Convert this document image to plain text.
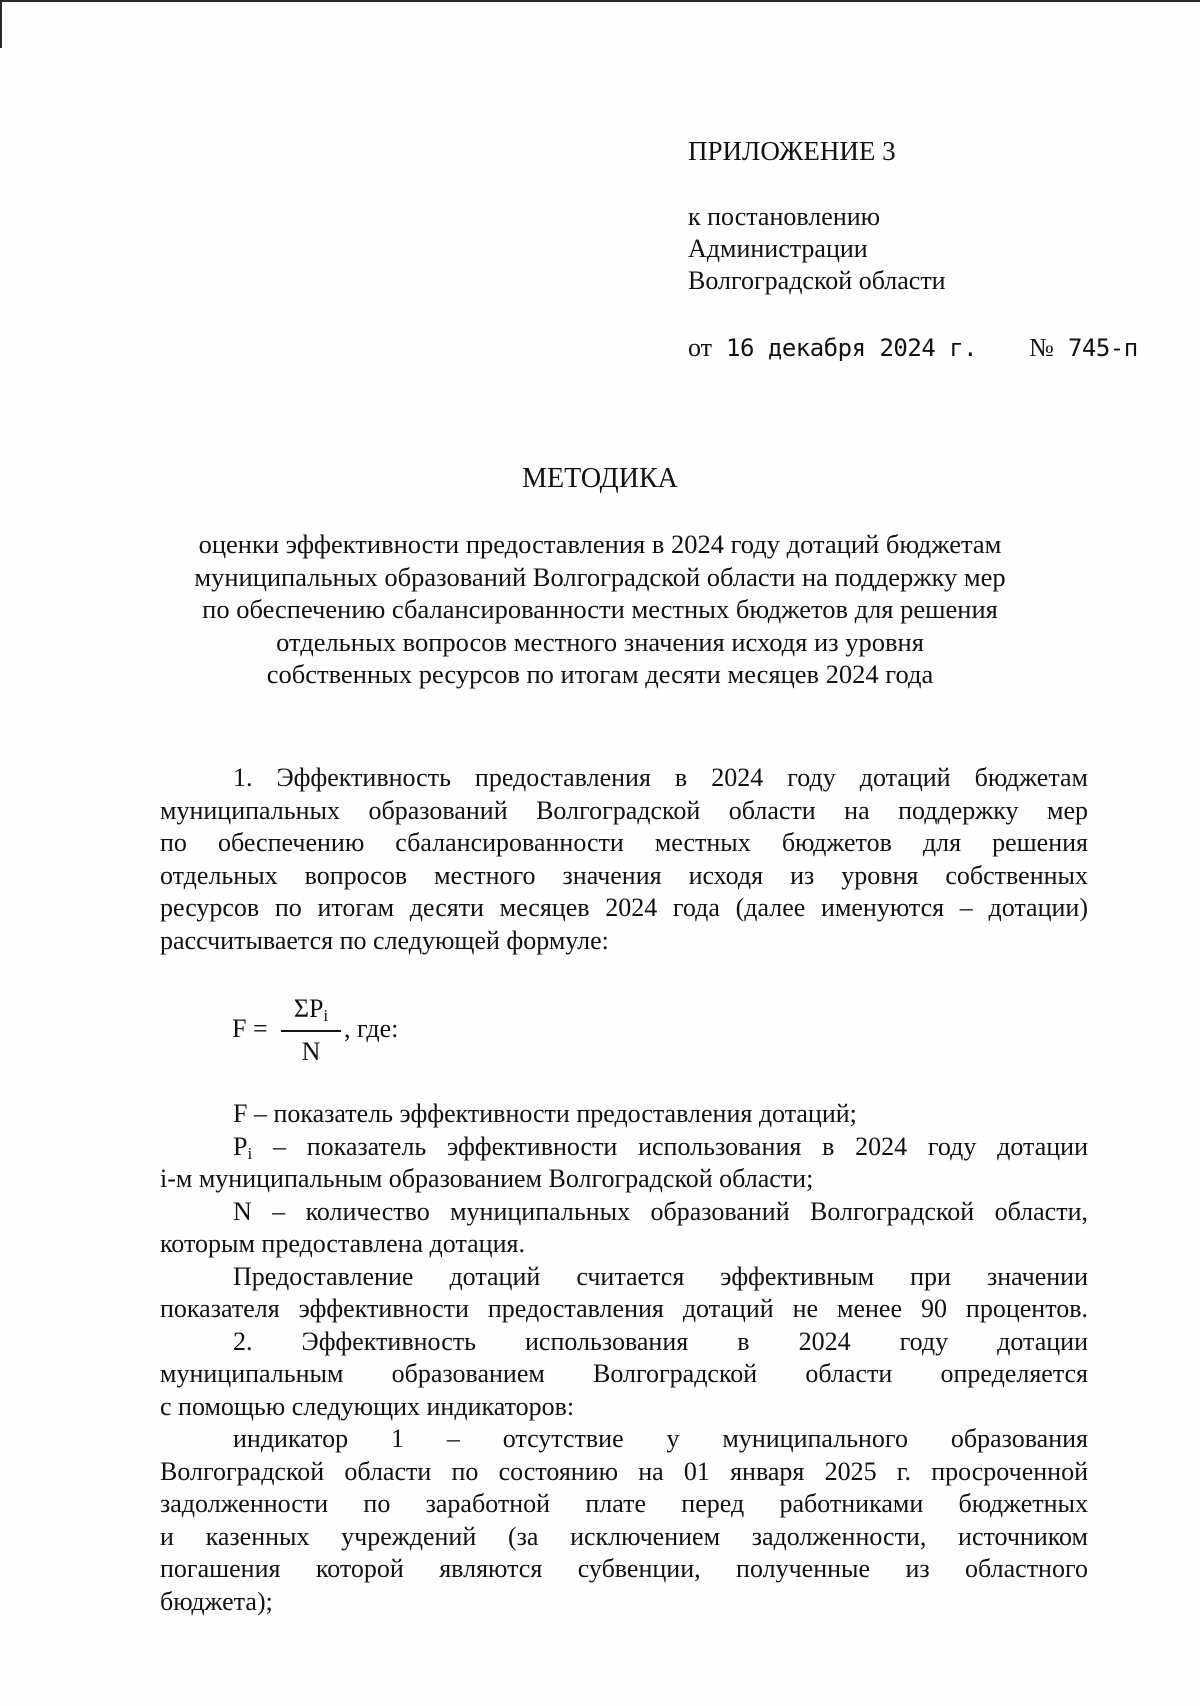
ПРИЛОЖЕНИЕ 3
к постановлению
Администрации
Волгоградской области
от 16 декабря 2024 г. № 745-п
МЕТОДИКА
оценки эффективности предоставления в 2024 году дотаций бюджетам
муниципальных образований Волгоградской области на поддержку мер
по обеспечению сбалансированности местных бюджетов для решения
отдельных вопросов местного значения исходя из уровня
собственных ресурсов по итогам десяти месяцев 2024 года
1. Эффективность предоставления в 2024 году дотаций бюджетам
муниципальных образований Волгоградской области на поддержку мер
по обеспечению сбалансированности местных бюджетов для решения
отдельных вопросов местного значения исходя из уровня собственных
ресурсов по итогам десяти месяцев 2024 года (далее именуются – дотации)
рассчитывается по следующей формуле:
F =
$\Sigma P_i$
N
, где:
F – показатель эффективности предоставления дотаций;
$P_i$ – показатель эффективности использования в 2024 году дотации
i-м муниципальным образованием Волгоградской области;
N – количество муниципальных образований Волгоградской области,
которым предоставлена дотация.
Предоставление дотаций считается эффективным при значении
показателя эффективности предоставления дотаций не менее 90 процентов.
2. Эффективность использования в 2024 году дотации
муниципальным образованием Волгоградской области определяется
с помощью следующих индикаторов:
индикатор 1 – отсутствие у муниципального образования
Волгоградской области по состоянию на 01 января 2025 г. просроченной
задолженности по заработной плате перед работниками бюджетных
и казенных учреждений (за исключением задолженности, источником
погашения которой являются субвенции, полученные из областного
бюджета);
